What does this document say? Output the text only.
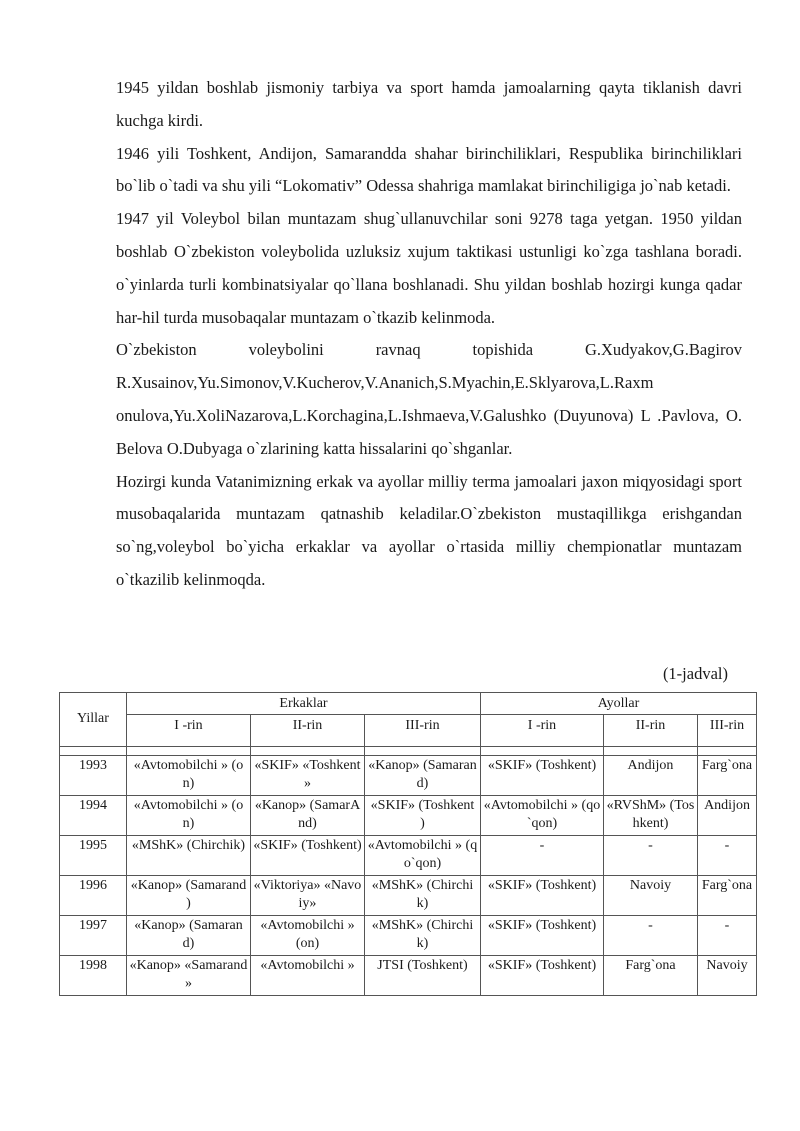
1945 yildan boshlab jismoniy tarbiya va sport hamda jamoalarning qayta tiklanish davri kuchga kirdi.

1946 yili Toshkent, Andijon, Samarandda shahar birinchiliklari, Respublika birinchiliklari bo`lib o`tadi va shu yili “Lokomativ” Odessa shahriga mamlakat birinchiligiga jo`nab ketadi.

1947 yil Voleybol bilan muntazam shug`ullanuvchilar soni 9278 taga yetgan. 1950 yildan boshlab O`zbekiston voleybolida uzluksiz xujum taktikasi ustunligi ko`zga tashlana boradi. o`yinlarda turli kombinatsiyalar qo`llana boshlanadi. Shu yildan boshlab hozirgi kunga qadar har-hil turda musobaqalar muntazam o`tkazib kelinmoda.

O`zbekiston voleybolini ravnaq topishida G.Xudyakov,G.Bagirov R.Xusainov,Yu.Simonov,V.Kucherov,V.Ananich,S.Myachin,E.Sklyarova,L.Raxm onulova,Yu.XoliNazarova,L.Korchagina,L.Ishmaeva,V.Galushko (Duyunova) L .Pavlova, O. Belova O.Dubyaga o`zlarining katta hissalarini qo`shganlar.

Hozirgi kunda Vatanimizning erkak va ayollar milliy terma jamoalari jaxon miqyosidagi sport musobaqalarida muntazam qatnashib keladilar.O`zbekiston mustaqillikga erishgandan so`ng,voleybol bo`yicha erkaklar va ayollar o`rtasida milliy chempionatlar muntazam o`tkazilib kelinmoqda.

(1-jadval)
Yillar	Erkaklar			Ayollar		
	I -rin	II-rin	III-rin	I -rin	II-rin	III-rin

1993	«Avtomobilchi » (on)	«SKIF» «Toshkent »	«Kanop» (Samarand)	«SKIF» (Toshkent)	Andijon	Farg`ona
1994	«Avtomobilchi » (on)	«Kanop» (SamarAnd)	«SKIF» (Toshkent )	«Avtomobilchi » (qo`qon)	«RVShM» (Toshkent)	Andijon
1995	«MShK» (Chirchik)	«SKIF» (Toshkent)	«Avtomobilchi » (qo`qon)	-	-	-
1996	«Kanop» (Samarand )	«Viktoriya» «Navoiy»	«MShK» (Chirchik)	«SKIF» (Toshkent)	Navoiy	Farg`ona
1997	«Kanop» (Samarand)	«Avtomobilchi » (on)	«MShK» (Chirchik)	«SKIF» (Toshkent)	-	-
1998	«Kanop» «Samarand »	«Avtomobilchi »	JTSI (Toshkent)	«SKIF» (Toshkent)	Farg`ona	Navoiy
